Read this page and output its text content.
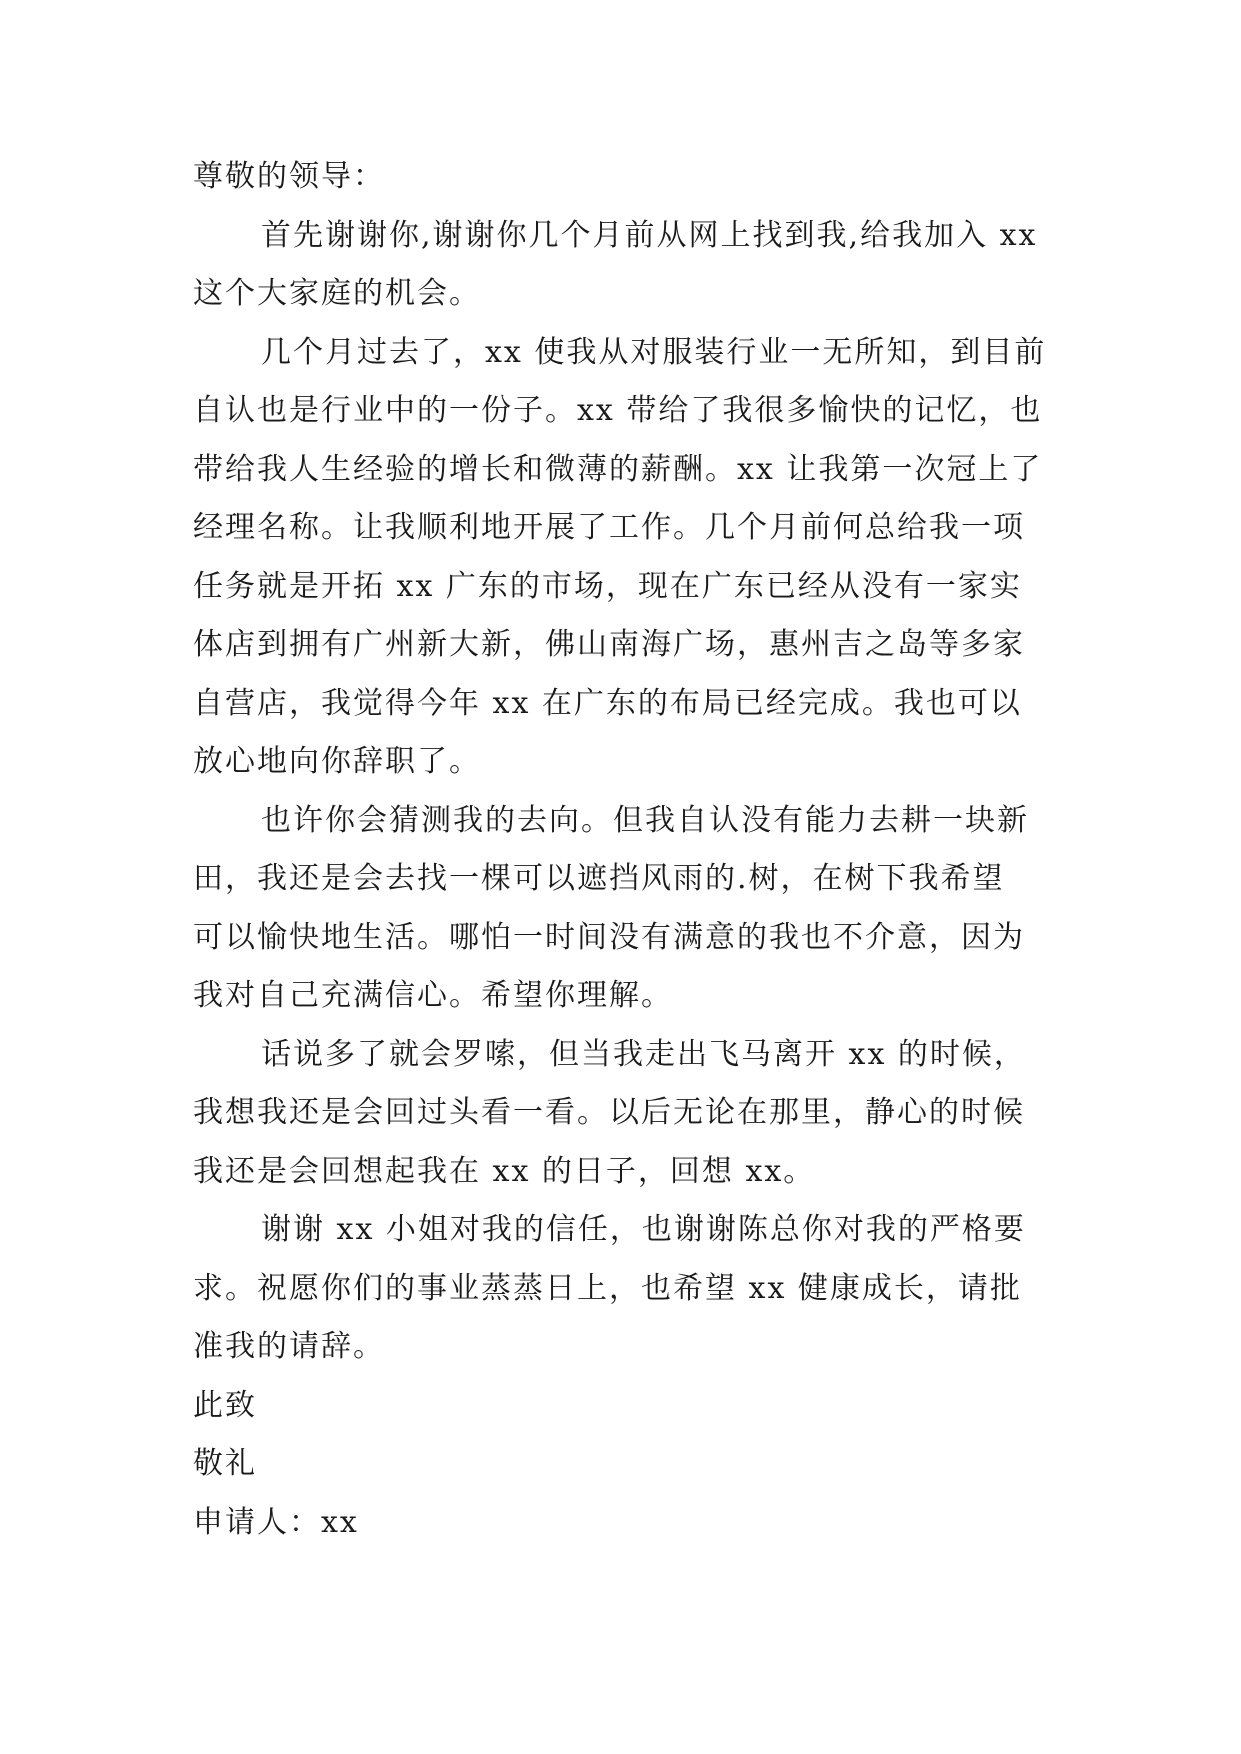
尊敬的领导：

首先谢谢你,谢谢你几个月前从网上找到我,给我加入 xx
这个大家庭的机会。
几个月过去了，xx 使我从对服装行业一无所知，到目前
自认也是行业中的一份子。xx 带给了我很多愉快的记忆，也
带给我人生经验的增长和微薄的薪酬。xx 让我第一次冠上了
经理名称。让我顺利地开展了工作。几个月前何总给我一项
任务就是开拓 xx 广东的市场，现在广东已经从没有一家实
体店到拥有广州新大新，佛山南海广场，惠州吉之岛等多家
自营店，我觉得今年 xx 在广东的布局已经完成。我也可以
放心地向你辞职了。
也许你会猜测我的去向。但我自认没有能力去耕一块新
田，我还是会去找一棵可以遮挡风雨的.树，在树下我希望
可以愉快地生活。哪怕一时间没有满意的我也不介意，因为
我对自己充满信心。希望你理解。
话说多了就会罗嗦，但当我走出飞马离开 xx 的时候，
我想我还是会回过头看一看。以后无论在那里，静心的时候
我还是会回想起我在 xx 的日子，回想 xx。
谢谢 xx 小姐对我的信任，也谢谢陈总你对我的严格要
求。祝愿你们的事业蒸蒸日上，也希望 xx 健康成长，请批
准我的请辞。

此致

敬礼

申请人：xx
